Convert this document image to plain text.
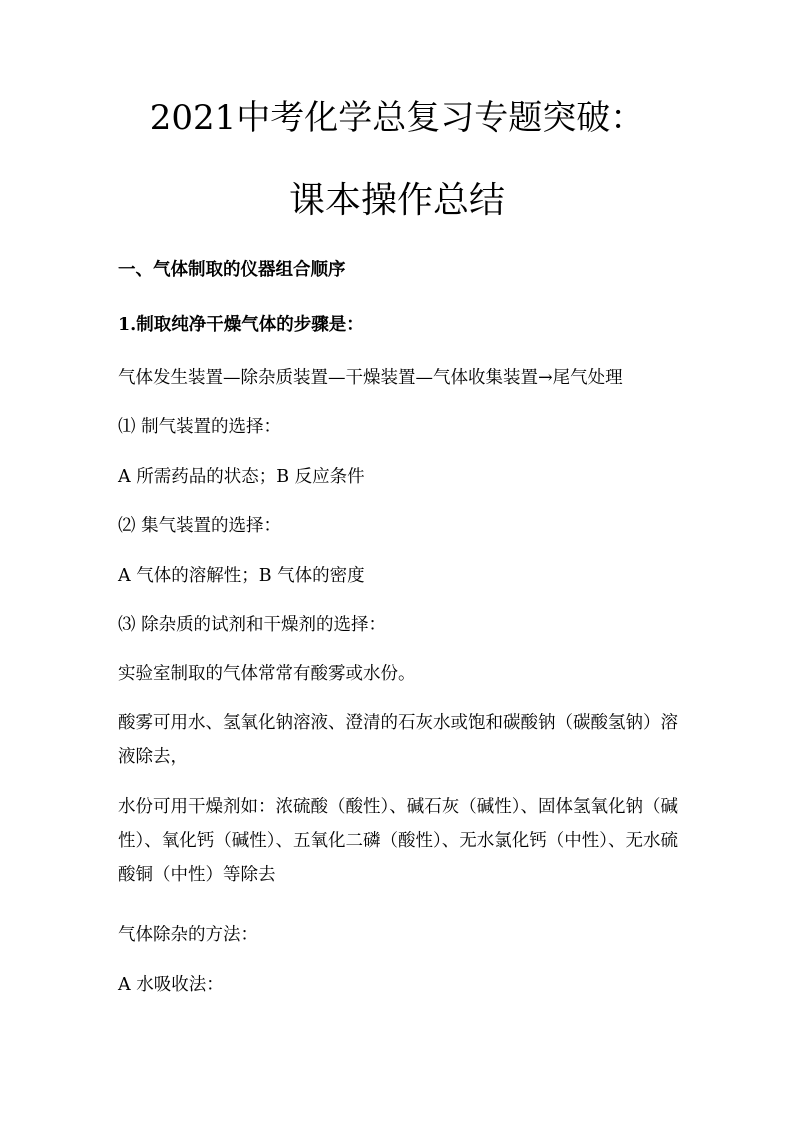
2021中考化学总复习专题突破：
课本操作总结

一、气体制取的仪器组合顺序

1.制取纯净干燥气体的步骤是：

气体发生装置—除杂质装置—干燥装置—气体收集装置→尾气处理

⑴ 制气装置的选择：

A 所需药品的状态；B 反应条件

⑵ 集气装置的选择：

A 气体的溶解性；B 气体的密度

⑶ 除杂质的试剂和干燥剂的选择：

实验室制取的气体常常有酸雾或水份。

酸雾可用水、氢氧化钠溶液、澄清的石灰水或饱和碳酸钠（碳酸氢钠）溶液除去，

水份可用干燥剂如：浓硫酸（酸性）、碱石灰（碱性）、固体氢氧化钠（碱性）、氧化钙（碱性）、五氧化二磷（酸性）、无水氯化钙（中性）、无水硫酸铜（中性）等除去

气体除杂的方法：

A 水吸收法：
